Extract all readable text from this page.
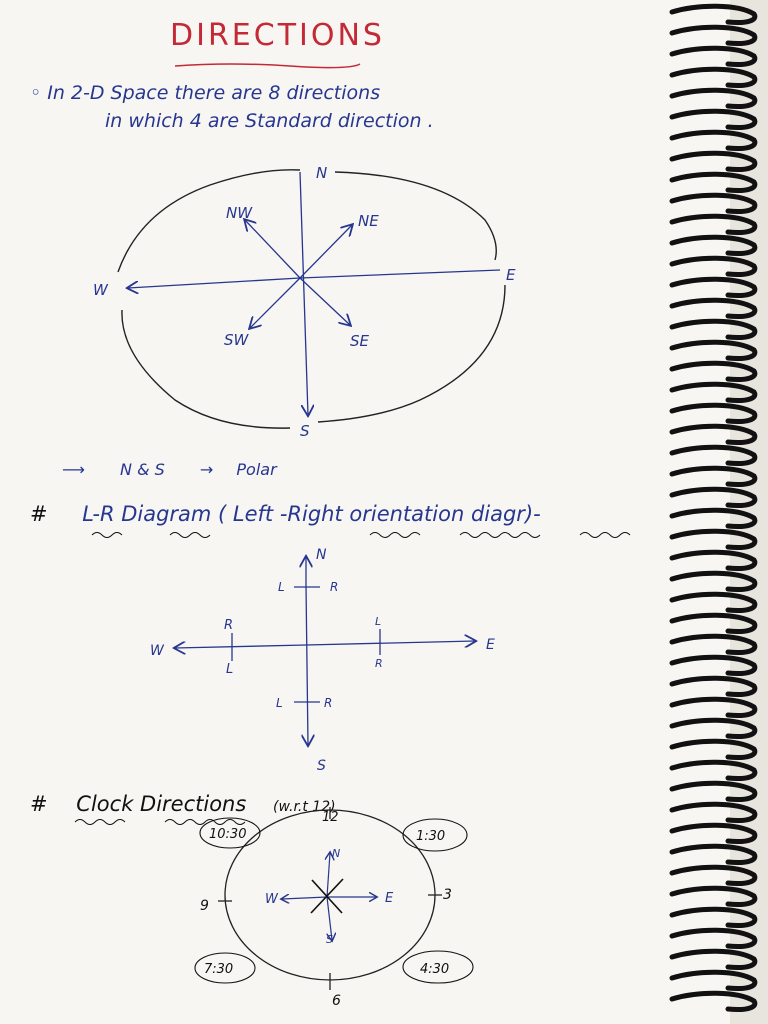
DIRECTIONS
◦ In 2-D Space there are 8 directions
in which 4 are Standard direction .
N
S
E
W
NW	NE
SW	SE
⟶ N & S → Polar
# L-R Diagram ( Left -Right orientation diagr)-
N
S
E
W
L	R
L	R
R
L
L
R
# Clock Directions (w.r.t 12)
10:30	1:30
7:30	4:30
12
3
6
9
N
S
E
W
